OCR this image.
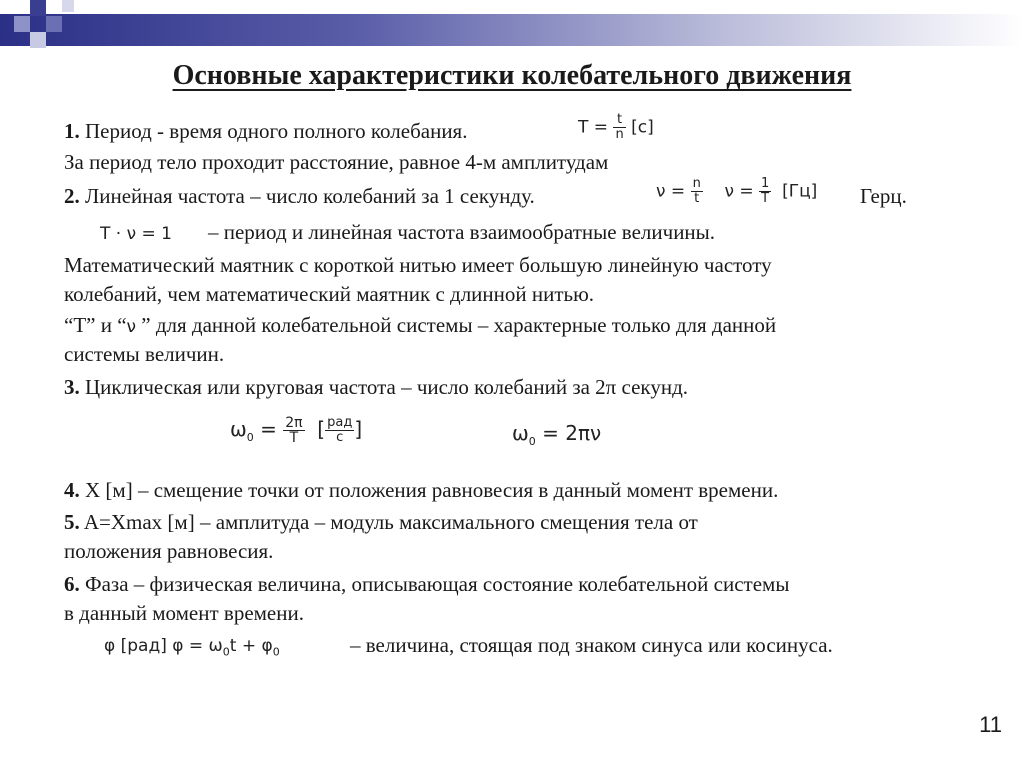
Основные характеристики колебательного движения
1. Период - время одного полного колебания.	$T = \frac{t}{n} [c]$
За период тело проходит расстояние, равное 4-м амплитудам
2. Линейная частота – число колебаний за 1 секунду.	$\nu = \frac{n}{t}$ $\nu = \frac{1}{T} [Гц]$ Герц.
T · ν = 1 – период и линейная частота взаимообратные величины.
Математический маятник с короткой нитью имеет большую линейную частоту
колебаний, чем математический маятник с длинной нитью.
“T” и “ν ” для данной колебательной системы – характерные только для данной
системы величин.
3. Циклическая или круговая частота – число колебаний за 2π секунд.
$\omega_0 = \frac{2\pi}{T}$ [ $\frac{\text{рад}}{c}$ ]	$\omega_0 = 2\pi\nu$
4. X [м] – смещение точки от положения равновесия в данный момент времени.
5. A=Xmax [м] – амплитуда – модуль максимального смещения тела от
положения равновесия.
6. Фаза – физическая величина, описывающая состояние колебательной системы
в данный момент времени.
φ [рад] $\varphi = \omega_0t + \varphi_0$	– величина, стоящая под знаком синуса или косинуса.
11
